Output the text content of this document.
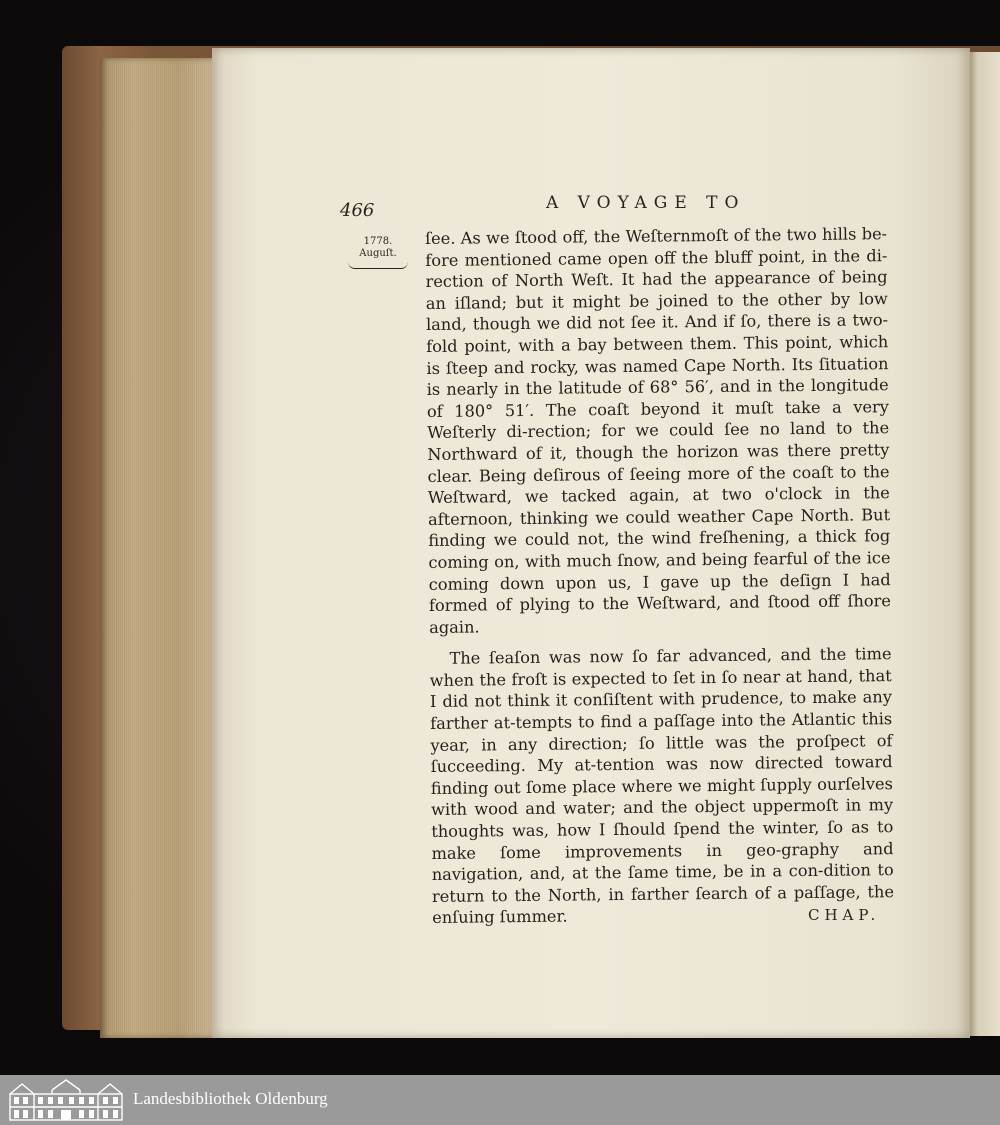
466	A VOYAGE TO
1778.
Auguſt.

ſee. As we ſtood off, the Weſternmoſt of the two hills be-fore mentioned came open off the bluff point, in the di-rection of North Weſt. It had the appearance of being an iſland; but it might be joined to the other by low land, though we did not ſee it. And if ſo, there is a two-fold point, with a bay between them. This point, which is ſteep and rocky, was named Cape North. Its ſituation is nearly in the latitude of 68° 56′, and in the longitude of 180° 51′. The coaſt beyond it muſt take a very Weſterly di-rection; for we could ſee no land to the Northward of it, though the horizon was there pretty clear. Being deſirous of ſeeing more of the coaſt to the Weſtward, we tacked again, at two o'clock in the afternoon, thinking we could weather Cape North. But finding we could not, the wind freſhening, a thick fog coming on, with much ſnow, and being fearful of the ice coming down upon us, I gave up the deſign I had formed of plying to the Weſtward, and ſtood off ſhore again.

The ſeaſon was now ſo far advanced, and the time when the froſt is expected to ſet in ſo near at hand, that I did not think it conſiſtent with prudence, to make any farther at-tempts to find a paſſage into the Atlantic this year, in any direction; ſo little was the proſpect of ſucceeding. My at-tention was now directed toward finding out ſome place where we might ſupply ourſelves with wood and water; and the object uppermoſt in my thoughts was, how I ſhould ſpend the winter, ſo as to make ſome improvements in geo-graphy and navigation, and, at the ſame time, be in a con-dition to return to the North, in farther ſearch of a paſſage, the enſuing ſummer.	CHAP.
Landesbibliothek Oldenburg
